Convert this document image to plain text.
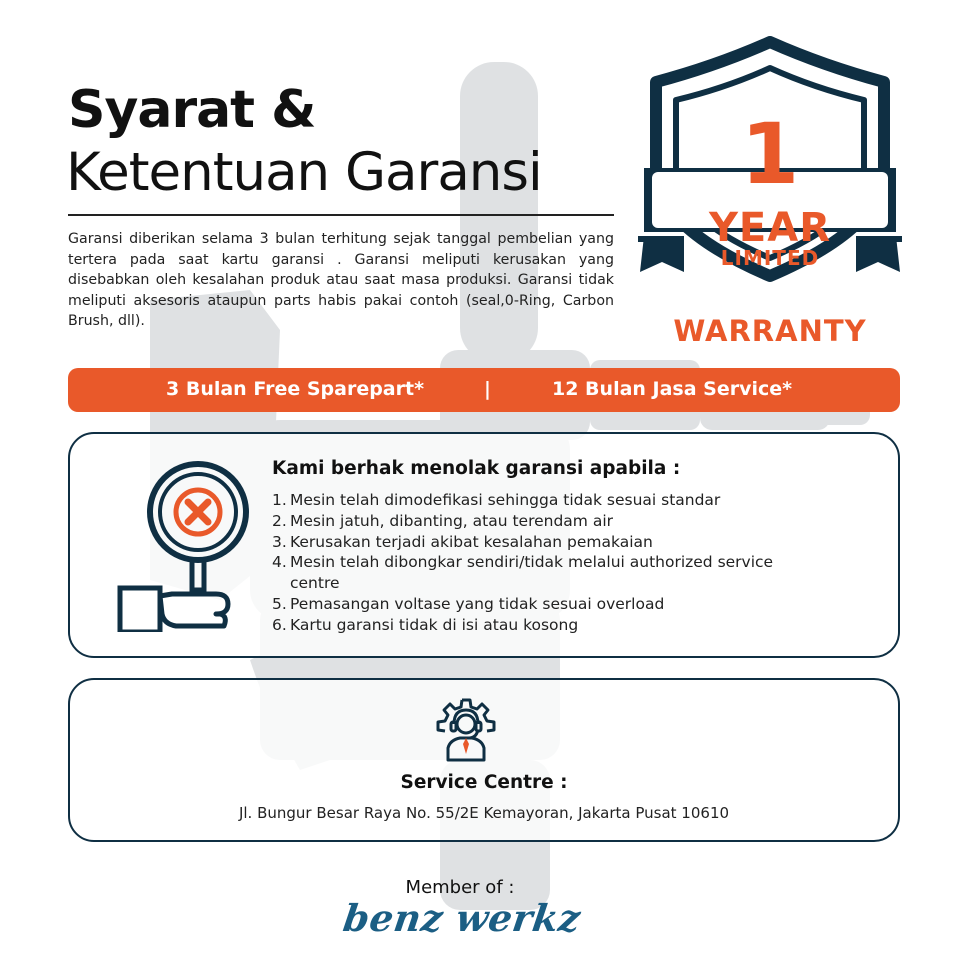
Syarat &
Ketentuan Garansi

Garansi diberikan selama 3 bulan terhitung sejak tanggal pembelian yang tertera pada saat kartu garansi . Garansi meliputi kerusakan yang disebabkan oleh kesalahan produk atau saat masa produksi. Garansi tidak meliputi aksesoris ataupun parts habis pakai contoh (seal,0-Ring, Carbon Brush, dll).

1
YEAR
LIMITED
WARRANTY
3 Bulan Free Sparepart*	|	12 Bulan Jasa Service*
Kami berhak menolak garansi apabila :
1. Mesin telah dimodefikasi sehingga tidak sesuai standar
2. Mesin jatuh, dibanting, atau terendam air
3. Kerusakan terjadi akibat kesalahan pemakaian
4. Mesin telah dibongkar sendiri/tidak melalui authorized service centre
5. Pemasangan voltase yang tidak sesuai overload
6. Kartu garansi tidak di isi atau kosong
Service Centre :
Jl. Bungur Besar Raya No. 55/2E Kemayoran, Jakarta Pusat 10610
Member of :
benz werkz
